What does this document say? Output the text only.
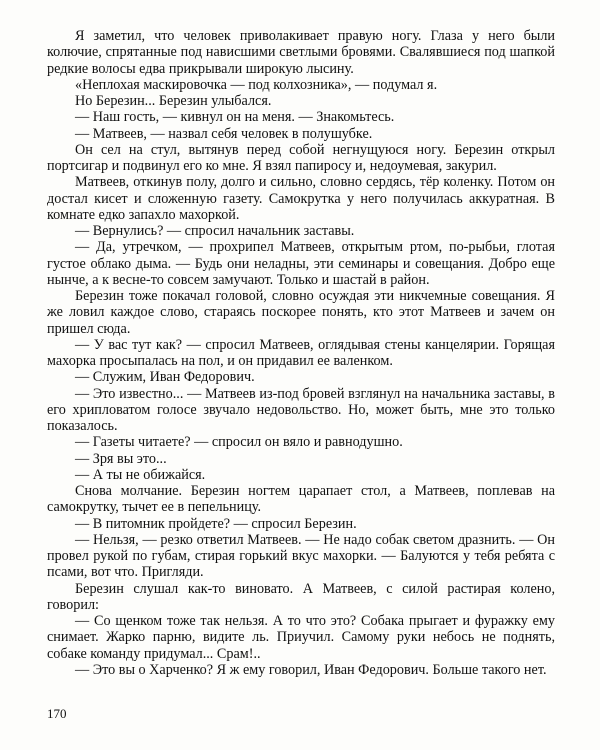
Я заметил, что человек приволакивает правую ногу. Глаза у него были колючие, спрятанные под нависшими светлыми бровями. Свалявшиеся под шапкой редкие волосы едва прикрывали широкую лысину.

«Неплохая маскировочка — под колхозника», — подумал я.

Но Березин... Березин улыбался.

— Наш гость, — кивнул он на меня. — Знакомьтесь.

— Матвеев, — назвал себя человек в полушубке.

Он сел на стул, вытянув перед собой негнущуюся ногу. Березин открыл портсигар и подвинул его ко мне. Я взял папиросу и, недоумевая, закурил.

Матвеев, откинув полу, долго и сильно, словно сердясь, тёр коленку. Потом он достал кисет и сложенную газету. Самокрутка у него получилась аккуратная. В комнате едко запахло махоркой.

— Вернулись? — спросил начальник заставы.

— Да, утречком, — прохрипел Матвеев, открытым ртом, по-рыбьи, глотая густое облако дыма. — Будь они неладны, эти семинары и совещания. Добро еще нынче, а к весне-то совсем замучают. Только и шастай в район.

Березин тоже покачал головой, словно осуждая эти никчемные совещания. Я же ловил каждое слово, стараясь поскорее понять, кто этот Матвеев и зачем он пришел сюда.

— У вас тут как? — спросил Матвеев, оглядывая стены канцелярии. Горящая махорка просыпалась на пол, и он придавил ее валенком.

— Служим, Иван Федорович.

— Это известно... — Матвеев из-под бровей взглянул на начальника заставы, в его хрипловатом голосе звучало недовольство. Но, может быть, мне это только показалось.

— Газеты читаете? — спросил он вяло и равнодушно.

— Зря вы это...

— А ты не обижайся.

Снова молчание. Березин ногтем царапает стол, а Матвеев, поплевав на самокрутку, тычет ее в пепельницу.

— В питомник пройдете? — спросил Березин.

— Нельзя, — резко ответил Матвеев. — Не надо собак светом дразнить. — Он провел рукой по губам, стирая горький вкус махорки. — Балуются у тебя ребята с псами, вот что. Пригляди.

Березин слушал как-то виновато. А Матвеев, с силой растирая колено, говорил:

— Со щенком тоже так нельзя. А то что это? Собака прыгает и фуражку ему снимает. Жарко парню, видите ль. Приучил. Самому руки небось не поднять, собаке команду придумал... Срам!..

— Это вы о Харченко? Я ж ему говорил, Иван Федорович. Больше такого нет.

170
